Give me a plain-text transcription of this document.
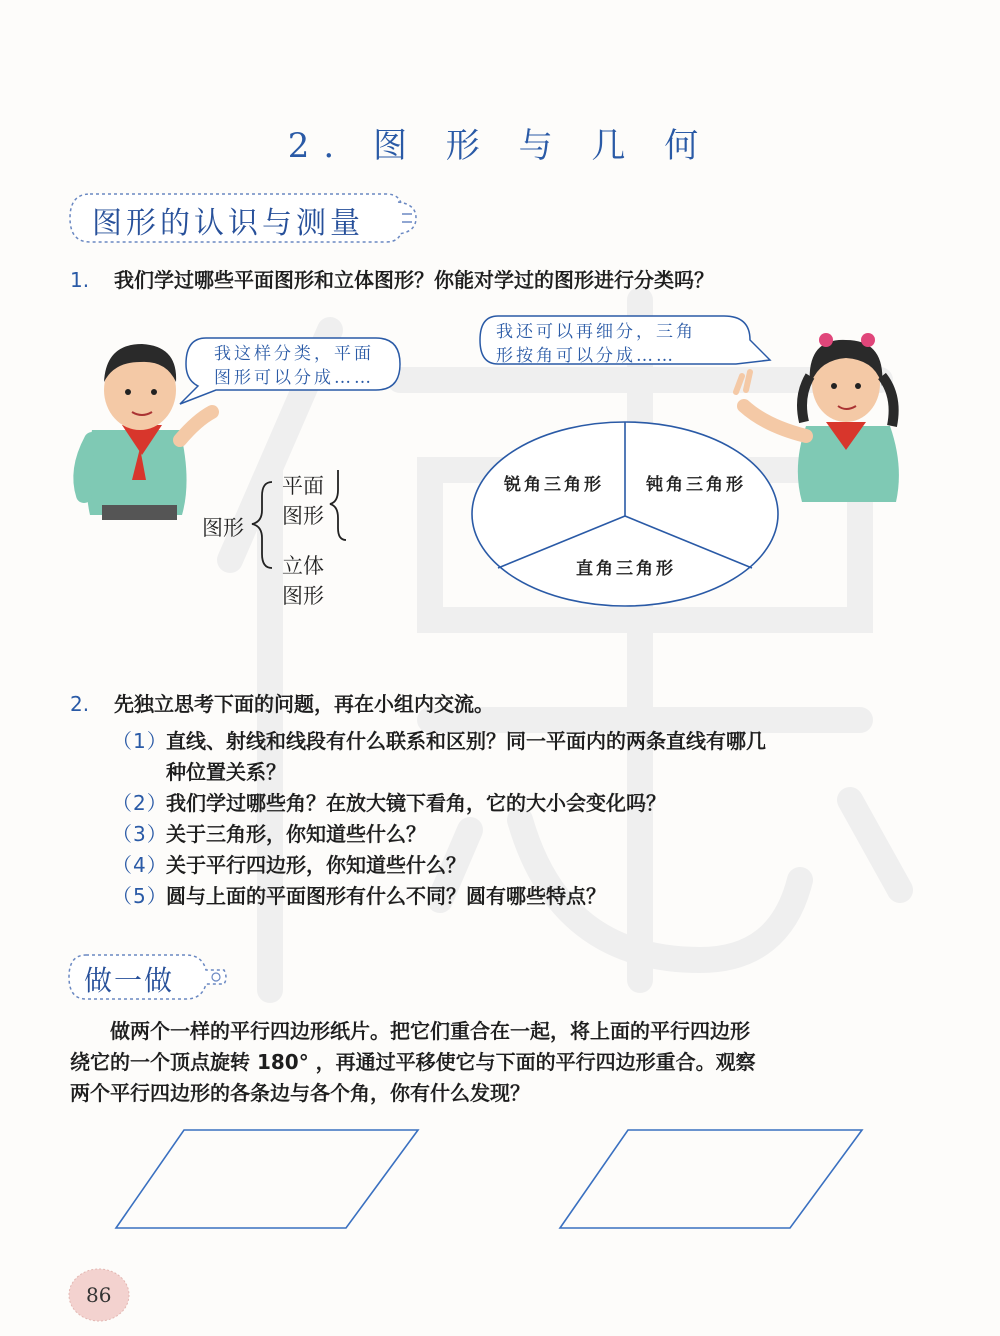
2. 图 形 与 几 何
图形的认识与测量
1. 我们学过哪些平面图形和立体图形？你能对学过的图形进行分类吗？
我这样分类，平面
图形可以分成……
我还可以再细分，三角
形按角可以分成……
图形
平面
图形
立体
图形
锐角三角形 钝角三角形
直角三角形
2. 先独立思考下面的问题，再在小组内交流。
（1）直线、射线和线段有什么联系和区别？同一平面内的两条直线有哪几
种位置关系？
（2）我们学过哪些角？在放大镜下看角，它的大小会变化吗？
（3）关于三角形，你知道些什么？
（4）关于平行四边形，你知道些什么？
（5）圆与上面的平面图形有什么不同？圆有哪些特点？
做一做
　　做两个一样的平行四边形纸片。把它们重合在一起，将上面的平行四边形
绕它的一个顶点旋转 180° ，再通过平移使它与下面的平行四边形重合。观察
两个平行四边形的各条边与各个角，你有什么发现？
86
